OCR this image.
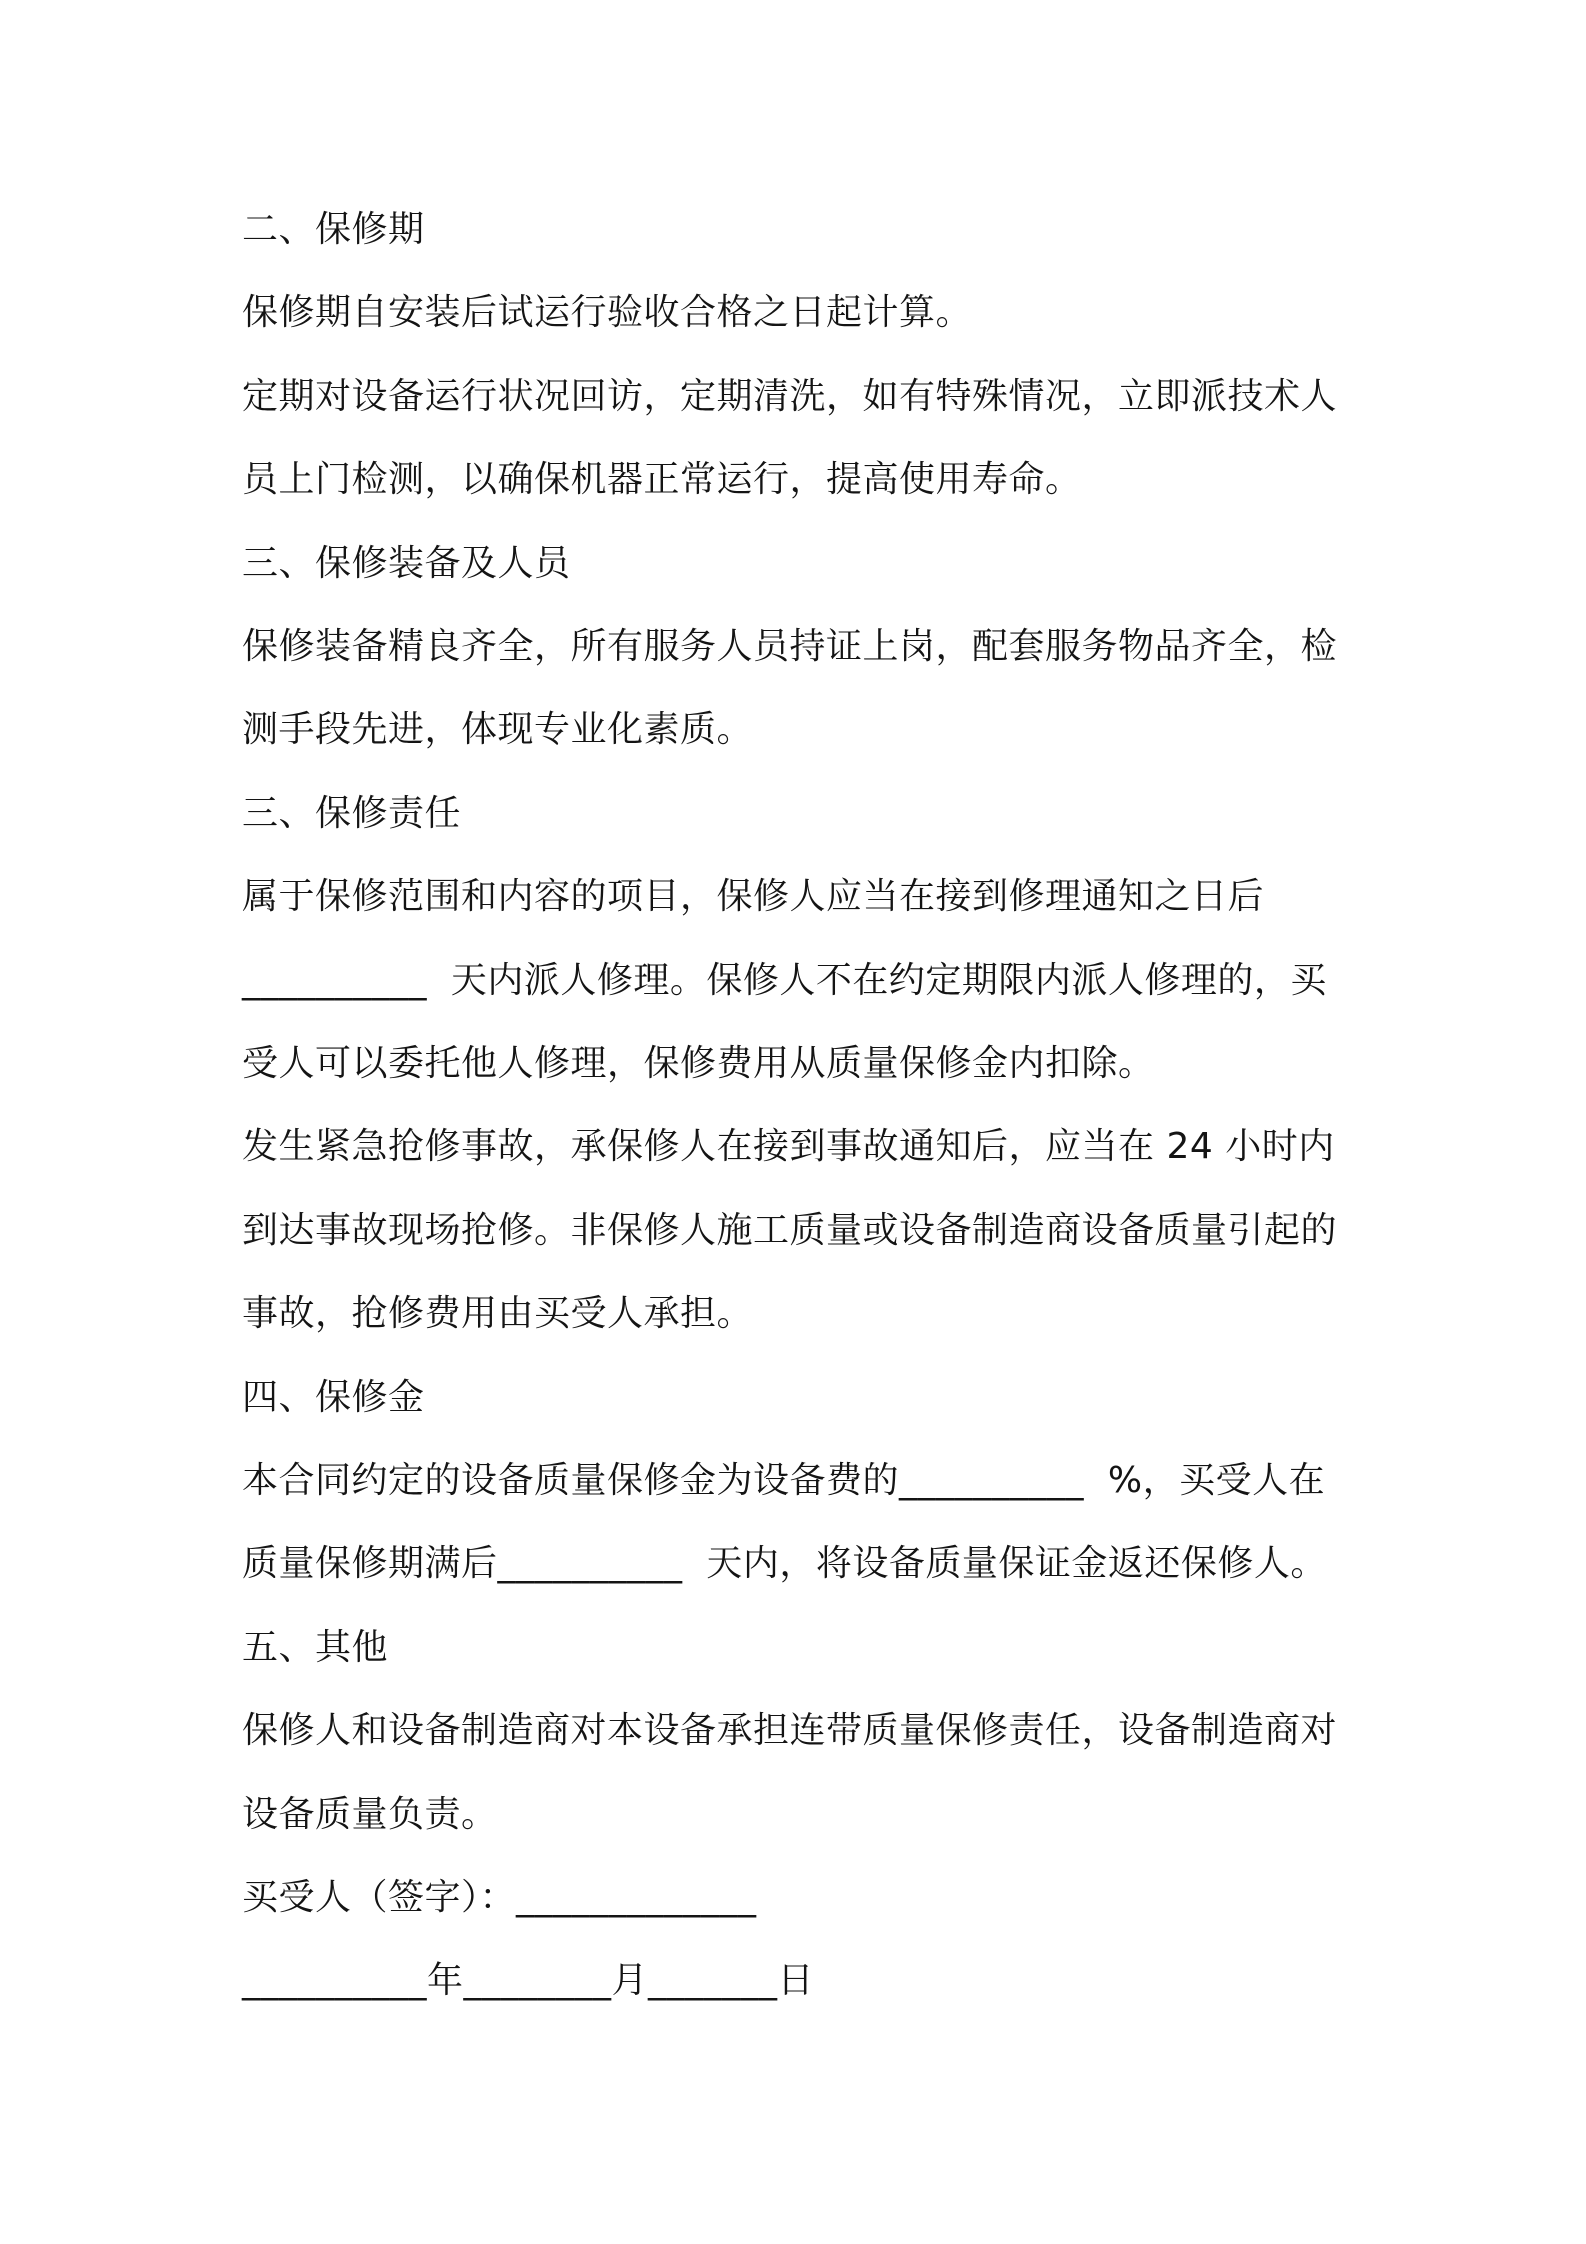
二、保修期
保修期自安装后试运行验收合格之日起计算。
定期对设备运行状况回访，定期清洗，如有特殊情况，立即派技术人
员上门检测，以确保机器正常运行，提高使用寿命。
三、保修装备及人员
保修装备精良齐全，所有服务人员持证上岗，配套服务物品齐全，检
测手段先进，体现专业化素质。
三、保修责任
属于保修范围和内容的项目，保修人应当在接到修理通知之日后
__________  天内派人修理。保修人不在约定期限内派人修理的，买
受人可以委托他人修理，保修费用从质量保修金内扣除。
发生紧急抢修事故，承保修人在接到事故通知后，应当在 24 小时内
到达事故现场抢修。非保修人施工质量或设备制造商设备质量引起的
事故，抢修费用由买受人承担。
四、保修金
本合同约定的设备质量保修金为设备费的__________  %，买受人在
质量保修期满后__________  天内，将设备质量保证金返还保修人。
五、其他
保修人和设备制造商对本设备承担连带质量保修责任，设备制造商对
设备质量负责。
买受人（签字）：_____________
__________年________月_______日
